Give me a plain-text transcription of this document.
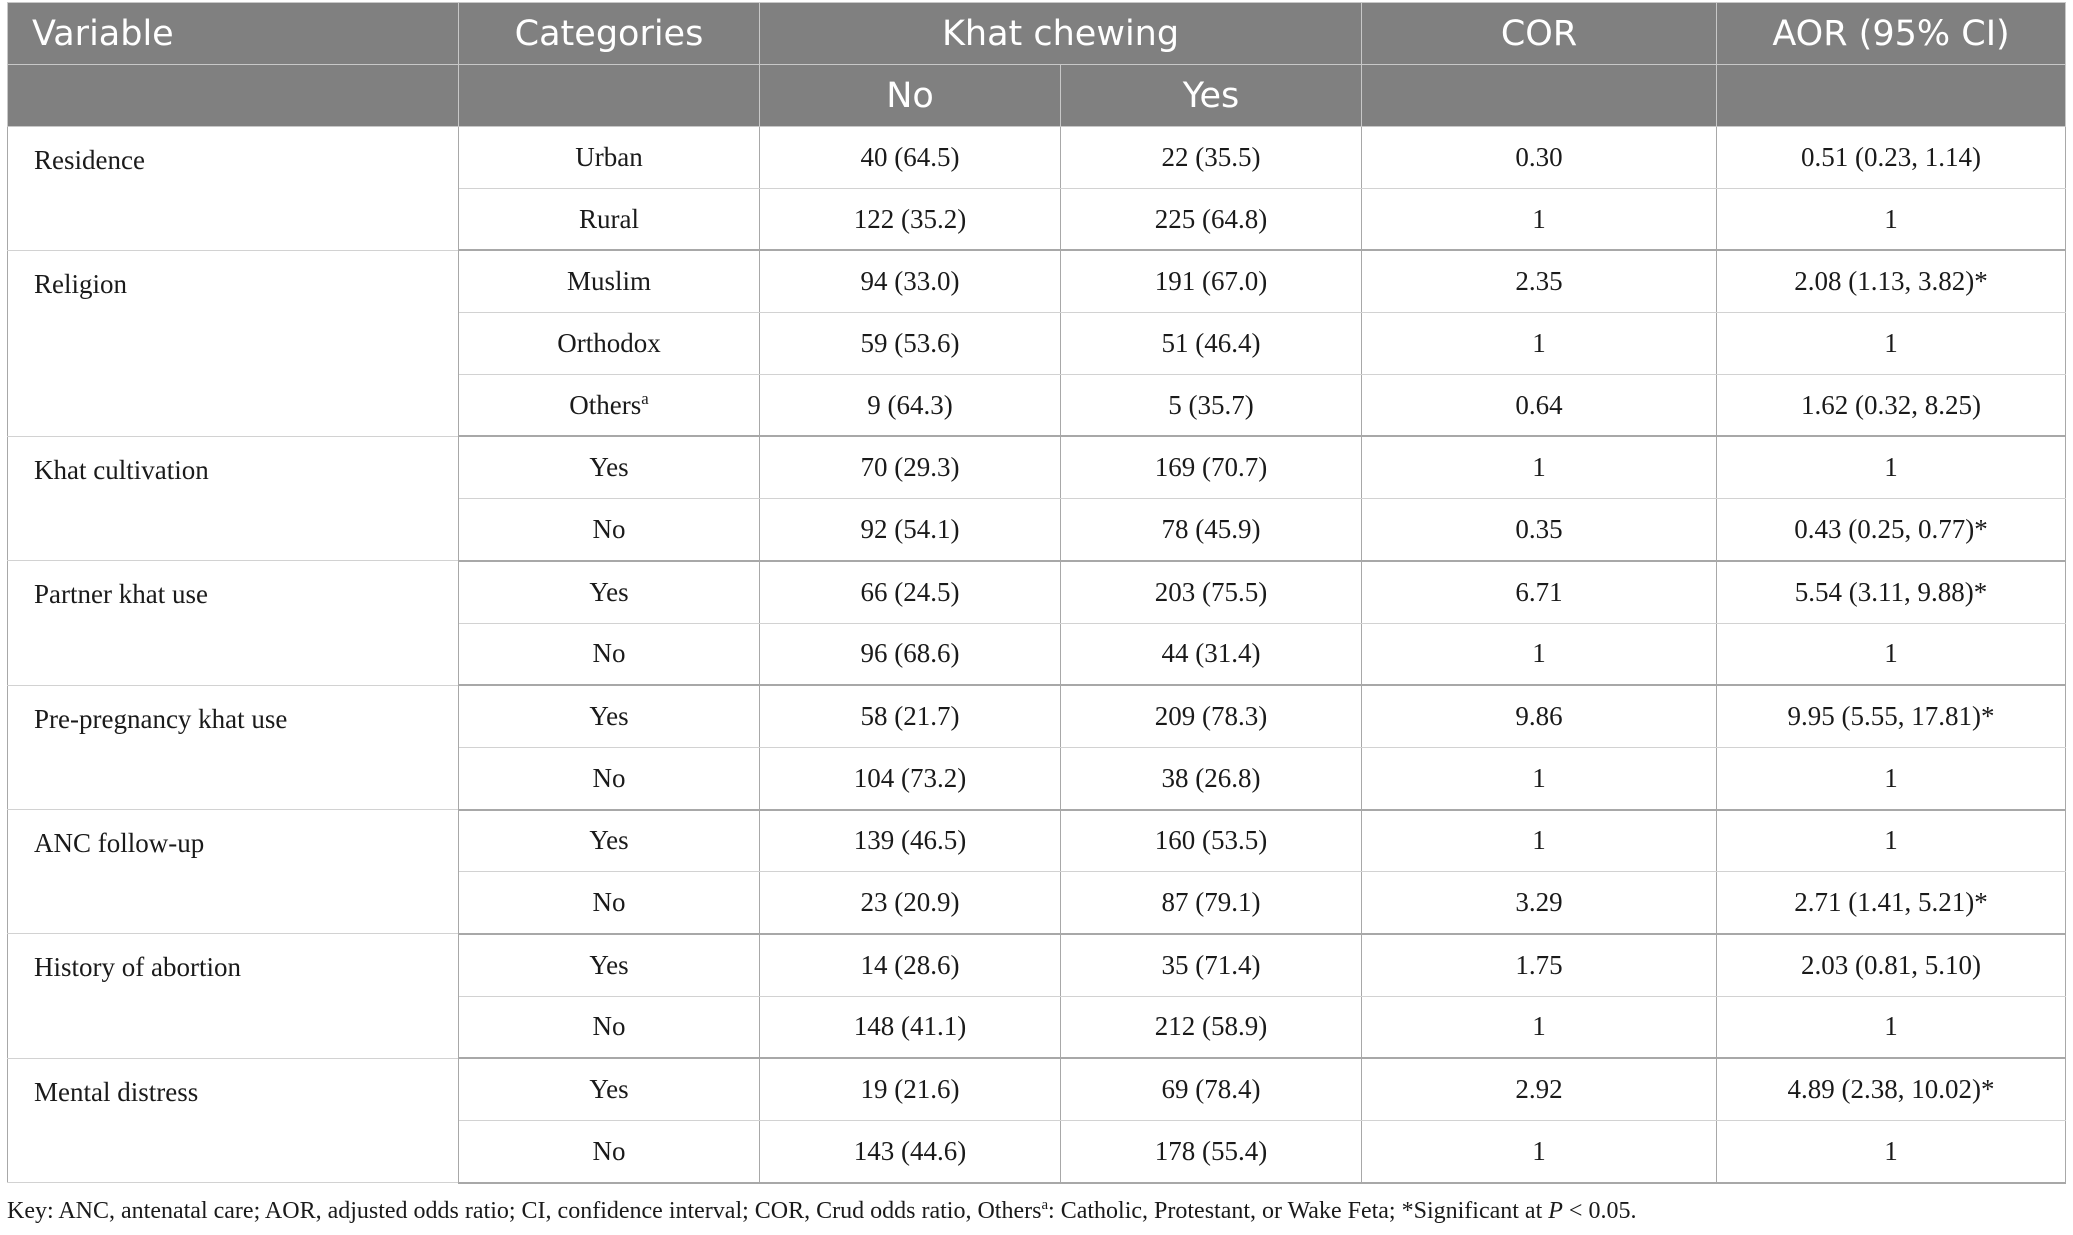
Variable	Categories	Khat chewing		COR	AOR (95% CI)
		No	Yes		
Residence	Urban	40 (64.5)	22 (35.5)	0.30	0.51 (0.23, 1.14)
	Rural	122 (35.2)	225 (64.8)	1	1
Religion	Muslim	94 (33.0)	191 (67.0)	2.35	2.08 (1.13, 3.82)*
	Orthodox	59 (53.6)	51 (46.4)	1	1
	Others$^a$	9 (64.3)	5 (35.7)	0.64	1.62 (0.32, 8.25)
Khat cultivation	Yes	70 (29.3)	169 (70.7)	1	1
	No	92 (54.1)	78 (45.9)	0.35	0.43 (0.25, 0.77)*
Partner khat use	Yes	66 (24.5)	203 (75.5)	6.71	5.54 (3.11, 9.88)*
	No	96 (68.6)	44 (31.4)	1	1
Pre-pregnancy khat use	Yes	58 (21.7)	209 (78.3)	9.86	9.95 (5.55, 17.81)*
	No	104 (73.2)	38 (26.8)	1	1
ANC follow-up	Yes	139 (46.5)	160 (53.5)	1	1
	No	23 (20.9)	87 (79.1)	3.29	2.71 (1.41, 5.21)*
History of abortion	Yes	14 (28.6)	35 (71.4)	1.75	2.03 (0.81, 5.10)
	No	148 (41.1)	212 (58.9)	1	1
Mental distress	Yes	19 (21.6)	69 (78.4)	2.92	4.89 (2.38, 10.02)*
	No	143 (44.6)	178 (55.4)	1	1
Key: ANC, antenatal care; AOR, adjusted odds ratio; CI, confidence interval; COR, Crud odds ratio, Others$^a$: Catholic, Protestant, or Wake Feta; *Significant at P < 0.05.
